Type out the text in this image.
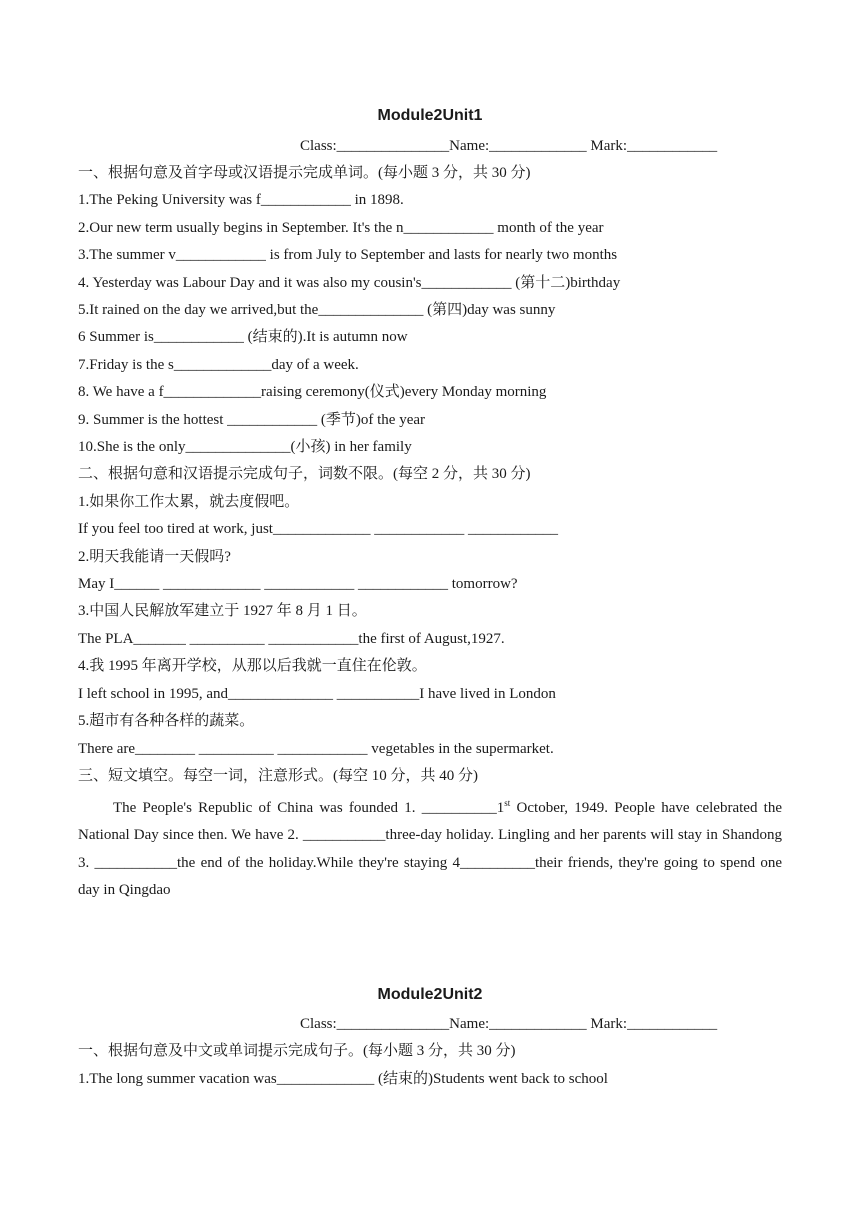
Module2Unit1
Class:_______________Name:_____________ Mark:____________
一、根据句意及首字母或汉语提示完成单词。(每小题 3 分，共 30 分)
1.The Peking University was f____________ in 1898.
2.Our new term usually begins in September. It's the n____________ month of the year
3.The summer v____________ is from July to September and lasts for nearly two months
4. Yesterday was Labour Day and it was also my cousin's____________ (第十二)birthday
5.It rained on the day we arrived,but the______________ (第四)day was sunny
6 Summer is____________ (结束的).It is autumn now
7.Friday is the s_____________day of a week.
8. We have a f_____________raising ceremony(仪式)every Monday morning
9. Summer is the hottest ____________ (季节)of the year
10.She is the only______________(小孩) in her family
二、根据句意和汉语提示完成句子，词数不限。(每空 2 分，共 30 分)
1.如果你工作太累，就去度假吧。
If you feel too tired at work, just_____________ ____________ ____________
2.明天我能请一天假吗?
May I______ _____________ ____________ ____________ tomorrow?
3.中国人民解放军建立于 1927 年 8 月 1 日。
The PLA_______ __________ ____________the first of August,1927.
4.我 1995 年离开学校，从那以后我就一直住在伦敦。
I left school in 1995, and______________ ___________I have lived in London
5.超市有各种各样的蔬菜。
There are________ __________ ____________ vegetables in the supermarket.
三、短文填空。每空一词，注意形式。(每空 10 分，共 40 分)
The People's Republic of China was founded 1. __________1st October, 1949. People have celebrated the National Day since then. We have 2. ___________three-day holiday. Lingling and her parents will stay in Shandong 3. ___________the end of the holiday.While they're staying 4__________their friends, they're going to spend one day in Qingdao
Module2Unit2
Class:_______________Name:_____________ Mark:____________
一、根据句意及中文或单词提示完成句子。(每小题 3 分，共 30 分)
1.The long summer vacation was_____________ (结束的)Students went back to school
